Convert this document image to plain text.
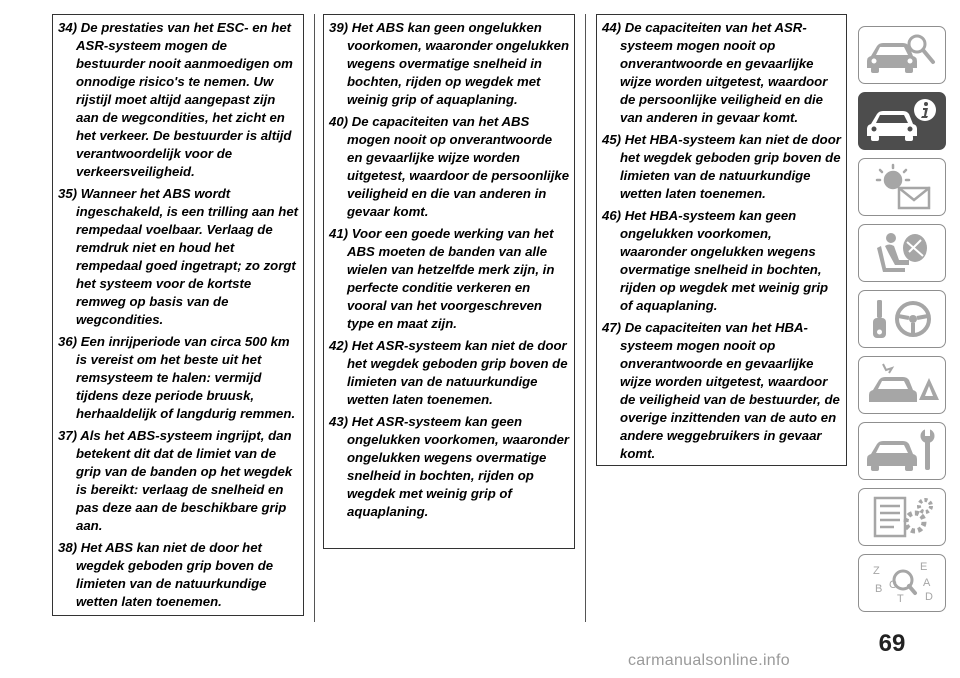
34) De prestaties van het ESC- en het ASR-systeem mogen de bestuurder nooit aanmoedigen om onnodige risico's te nemen. Uw rijstijl moet altijd aangepast zijn aan de wegcondities, het zicht en het verkeer. De bestuurder is altijd verantwoordelijk voor de verkeersveiligheid.

35) Wanneer het ABS wordt ingeschakeld, is een trilling aan het rempedaal voelbaar. Verlaag de remdruk niet en houd het rempedaal goed ingetrapt; zo zorgt het systeem voor de kortste remweg op basis van de wegcondities.

36) Een inrijperiode van circa 500 km is vereist om het beste uit het remsysteem te halen: vermijd tijdens deze periode bruusk, herhaaldelijk of langdurig remmen.

37) Als het ABS-systeem ingrijpt, dan betekent dit dat de limiet van de grip van de banden op het wegdek is bereikt: verlaag de snelheid en pas deze aan de beschikbare grip aan.

38) Het ABS kan niet de door het wegdek geboden grip boven de limieten van de natuurkundige wetten laten toenemen.

39) Het ABS kan geen ongelukken voorkomen, waaronder ongelukken wegens overmatige snelheid in bochten, rijden op wegdek met weinig grip of aquaplaning.

40) De capaciteiten van het ABS mogen nooit op onverantwoorde en gevaarlijke wijze worden uitgetest, waardoor de persoonlijke veiligheid en die van anderen in gevaar komt.

41) Voor een goede werking van het ABS moeten de banden van alle wielen van hetzelfde merk zijn, in perfecte conditie verkeren en vooral van het voorgeschreven type en maat zijn.

42) Het ASR-systeem kan niet de door het wegdek geboden grip boven de limieten van de natuurkundige wetten laten toenemen.

43) Het ASR-systeem kan geen ongelukken voorkomen, waaronder ongelukken wegens overmatige snelheid in bochten, rijden op wegdek met weinig grip of aquaplaning.

44) De capaciteiten van het ASR-systeem mogen nooit op onverantwoorde en gevaarlijke wijze worden uitgetest, waardoor de persoonlijke veiligheid en die van anderen in gevaar komt.

45) Het HBA-systeem kan niet de door het wegdek geboden grip boven de limieten van de natuurkundige wetten laten toenemen.

46) Het HBA-systeem kan geen ongelukken voorkomen, waaronder ongelukken wegens overmatige snelheid in bochten, rijden op wegdek met weinig grip of aquaplaning.

47) De capaciteiten van het HBA-systeem mogen nooit op onverantwoorde en gevaarlijke wijze worden uitgetest, waardoor de veiligheid van de bestuurder, de overige inzittenden van de auto en andere weggebruikers in gevaar komt.

Z	E
A
B C
T D
69
carmanualsonline.info
